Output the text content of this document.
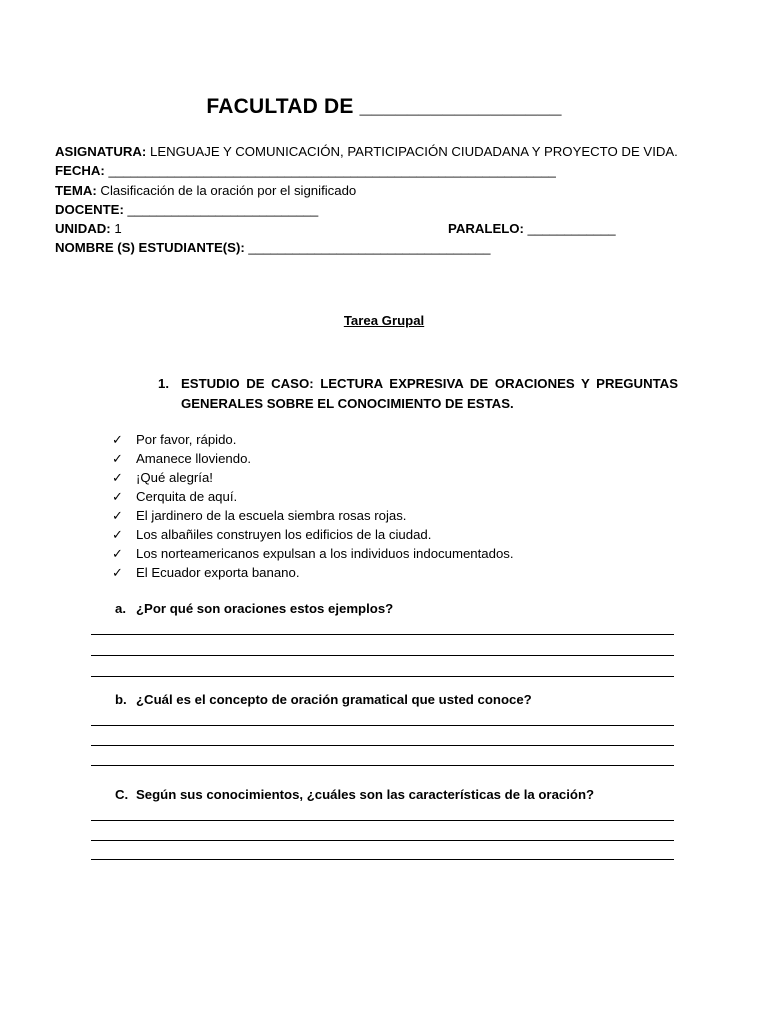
FACULTAD DE _________________
ASIGNATURA: LENGUAJE Y COMUNICACIÓN, PARTICIPACIÓN CIUDADANA Y PROYECTO DE VIDA.
FECHA: _____________________________________________________________
TEMA: Clasificación de la oración por el significado
DOCENTE: __________________________
UNIDAD: 1	PARALELO: ____________
NOMBRE (S) ESTUDIANTE(S): _________________________________
Tarea Grupal
1. ESTUDIO DE CASO: LECTURA EXPRESIVA DE ORACIONES Y PREGUNTAS GENERALES SOBRE EL CONOCIMIENTO DE ESTAS.
✓ Por favor, rápido.
✓ Amanece lloviendo.
✓ ¡Qué alegría!
✓ Cerquita de aquí.
✓ El jardinero de la escuela siembra rosas rojas.
✓ Los albañiles construyen los edificios de la ciudad.
✓ Los norteamericanos expulsan a los individuos indocumentados.
✓ El Ecuador exporta banano.
a. ¿Por qué son oraciones estos ejemplos?
b. ¿Cuál es el concepto de oración gramatical que usted conoce?
C. Según sus conocimientos, ¿cuáles son las características de la oración?
